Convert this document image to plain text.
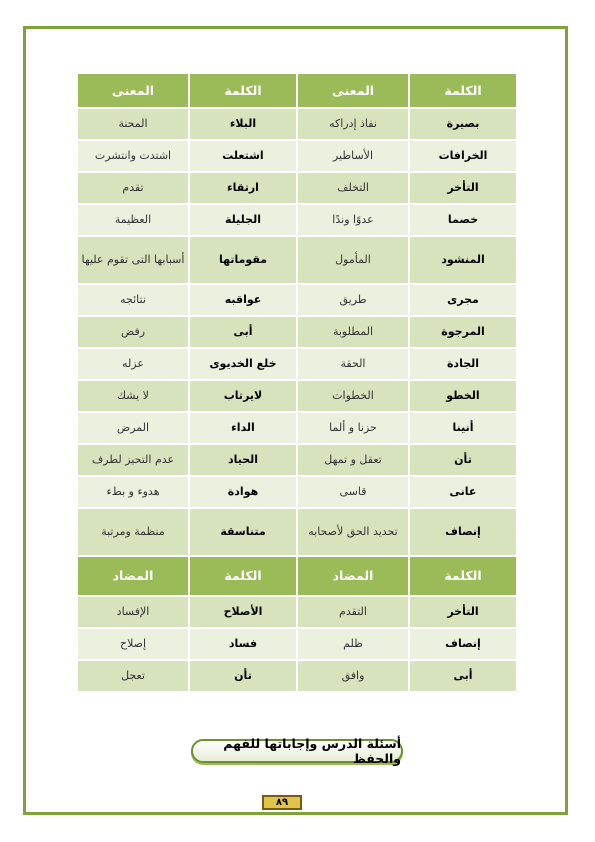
الكلمة	المعنى	الكلمة	المعنى
بصيرة	نفاذ إدراكه	البلاء	المحنة
الخرافات	الأساطير	اشتعلت	اشتدت وانتشرت
التأخر	التخلف	ارتقاء	تقدم
خصما	عدوًا وندًا	الجليلة	العظيمة
المنشود	المأمول	مقوماتها	أسبابها التى تقوم عليها
مجرى	طريق	عواقبه	نتائجه
المرجوة	المطلوبة	أبى	رفض
الجادة	الحقة	خلع الخديوى	عزله
الخطو	الخطوات	لايرتاب	لا يشك
أنينا	حزنا و ألما	الداء	المرض
تأن	تعقل و تمهل	الحياد	عدم التحيز لطرف
عانى	قاسى	هوادة	هدوء و بطء
إنصاف	تحديد الحق لأصحابه	متناسقة	منظمة ومرتبة
الكلمة	المضاد	الكلمة	المضاد
التأخر	التقدم	الأصلاح	الإفساد
إنصاف	ظلم	فساد	إصلاح
أبى	وافق	تأن	تعجل
أسئلة الدرس وإجاباتها للفهم والحفظ
٨٩
